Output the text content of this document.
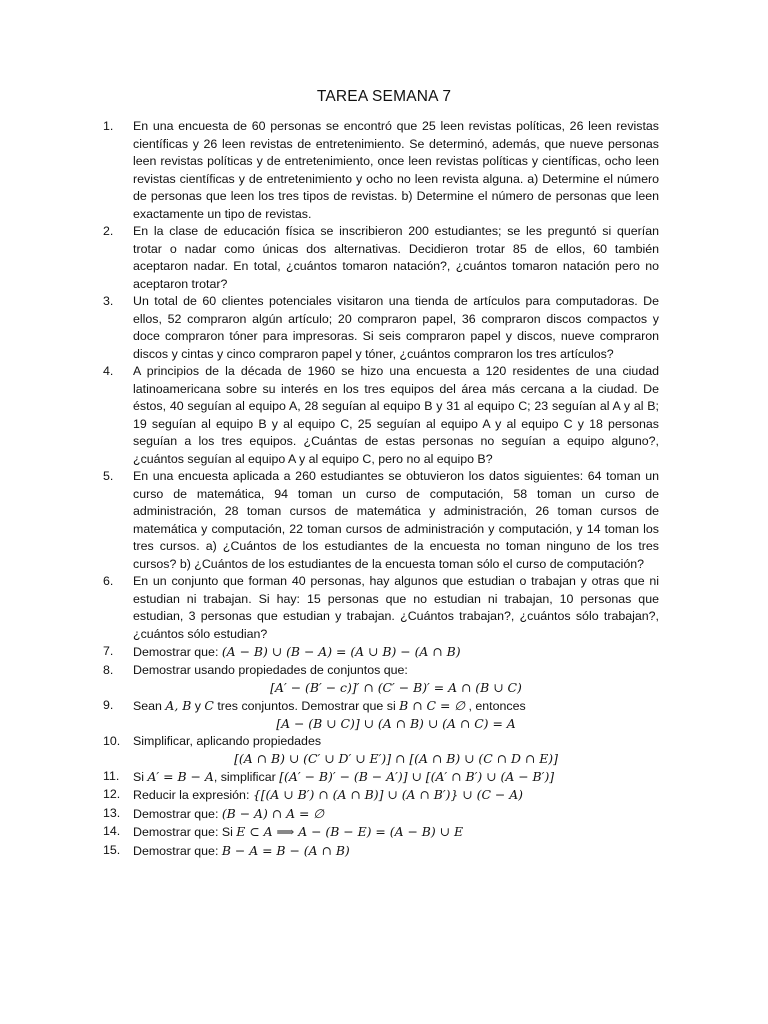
TAREA SEMANA 7
1.	En una encuesta de 60 personas se encontró que 25 leen revistas políticas, 26 leen revistas científicas y 26 leen revistas de entretenimiento. Se determinó, además, que nueve personas leen revistas políticas y de entretenimiento, once leen revistas políticas y científicas, ocho leen revistas científicas y de entretenimiento y ocho no leen revista alguna. a) Determine el número de personas que leen los tres tipos de revistas. b) Determine el número de personas que leen exactamente un tipo de revistas.
2.	En la clase de educación física se inscribieron 200 estudiantes; se les preguntó si querían trotar o nadar como únicas dos alternativas. Decidieron trotar 85 de ellos, 60 también aceptaron nadar. En total, ¿cuántos tomaron natación?, ¿cuántos tomaron natación pero no aceptaron trotar?
3.	Un total de 60 clientes potenciales visitaron una tienda de artículos para computadoras. De ellos, 52 compraron algún artículo; 20 compraron papel, 36 compraron discos compactos y doce compraron tóner para impresoras. Si seis compraron papel y discos, nueve compraron discos y cintas y cinco compraron papel y tóner, ¿cuántos compraron los tres artículos?
4.	A principios de la década de 1960 se hizo una encuesta a 120 residentes de una ciudad latinoamericana sobre su interés en los tres equipos del área más cercana a la ciudad. De éstos, 40 seguían al equipo A, 28 seguían al equipo B y 31 al equipo C; 23 seguían al A y al B; 19 seguían al equipo B y al equipo C, 25 seguían al equipo A y al equipo C y 18 personas seguían a los tres equipos. ¿Cuántas de estas personas no seguían a equipo alguno?, ¿cuántos seguían al equipo A y al equipo C, pero no al equipo B?
5.	En una encuesta aplicada a 260 estudiantes se obtuvieron los datos siguientes: 64 toman un curso de matemática, 94 toman un curso de computación, 58 toman un curso de administración, 28 toman cursos de matemática y administración, 26 toman cursos de matemática y computación, 22 toman cursos de administración y computación, y 14 toman los tres cursos. a) ¿Cuántos de los estudiantes de la encuesta no toman ninguno de los tres cursos? b) ¿Cuántos de los estudiantes de la encuesta toman sólo el curso de computación?
6.	En un conjunto que forman 40 personas, hay algunos que estudian o trabajan y otras que ni estudian ni trabajan. Si hay: 15 personas que no estudian ni trabajan, 10 personas que estudian, 3 personas que estudian y trabajan. ¿Cuántos trabajan?, ¿cuántos sólo trabajan?, ¿cuántos sólo estudian?
7.	Demostrar que: (A − B) ∪ (B − A) = (A ∪ B) − (A ∩ B)
8.	Demostrar usando propiedades de conjuntos que:
[A′ − (B′ − c)]′ ∩ (C′ − B)′ = A ∩ (B ∪ C)
9.	Sean A, B y C tres conjuntos. Demostrar que si B ∩ C = ∅ , entonces
[A − (B ∪ C)] ∪ (A ∩ B) ∪ (A ∩ C) = A
10.	Simplificar, aplicando propiedades
[(A ∩ B) ∪ (C′ ∪ D′ ∪ E′)] ∩ [(A ∩ B) ∪ (C ∩ D ∩ E)]
11.	Si A′ = B − A, simplificar [(A′ − B)′ − (B − A′)] ∪ [(A′ ∩ B′) ∪ (A − B′)]
12.	Reducir la expresión: {[(A ∪ B′) ∩ (A ∩ B)] ∪ (A ∩ B′)} ∪ (C − A)
13.	Demostrar que: (B − A) ∩ A = ∅
14.	Demostrar que: Si E ⊂ A ⟹ A − (B − E) = (A − B) ∪ E
15.	Demostrar que: B − A = B − (A ∩ B)
